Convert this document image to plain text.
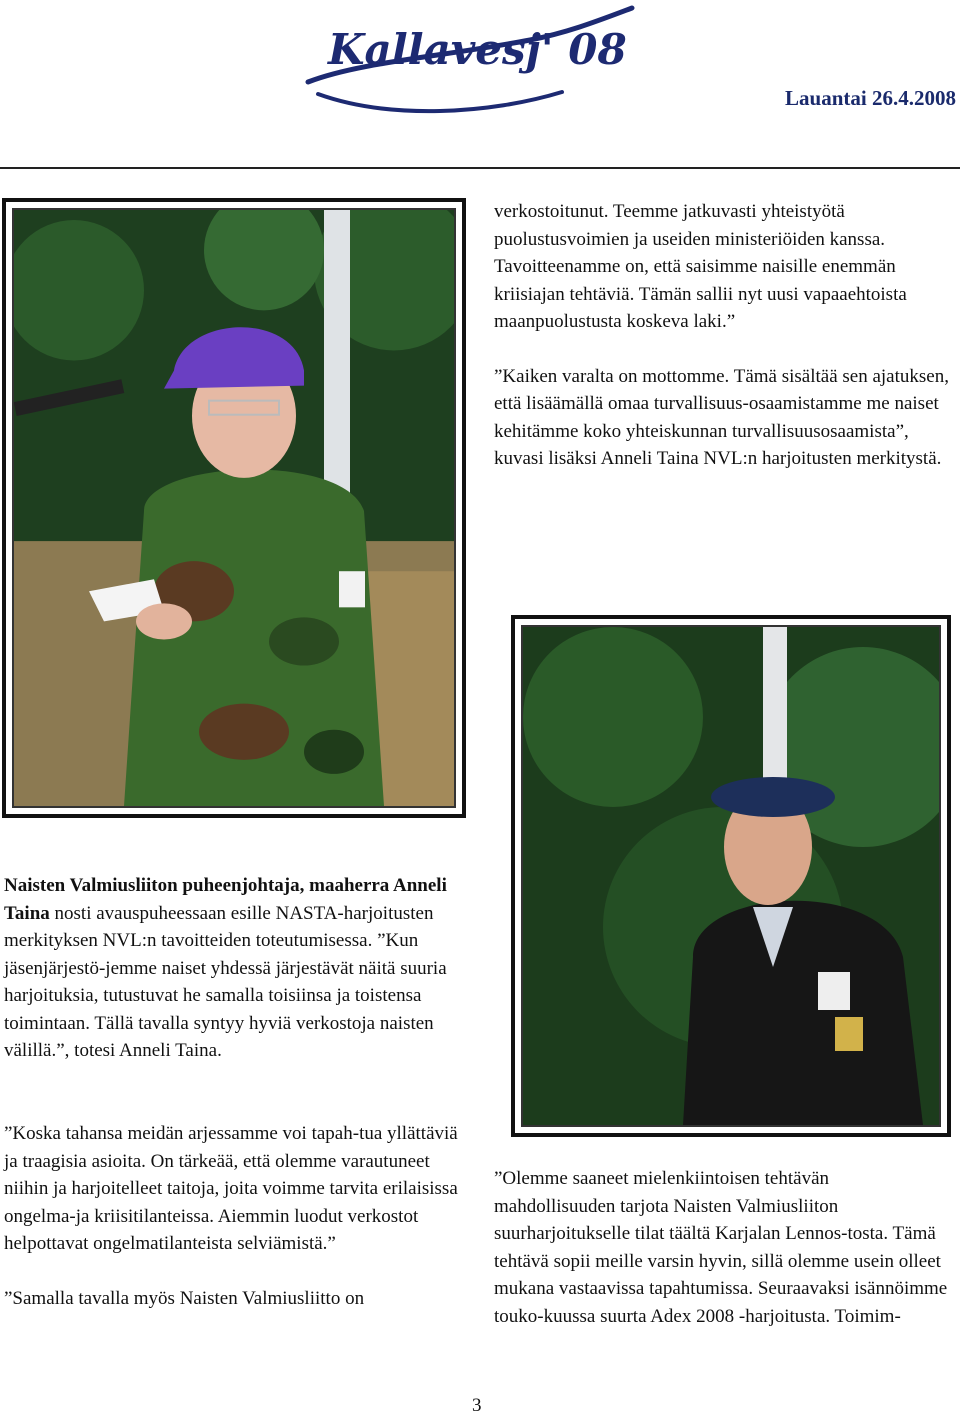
Kallavesj' 08
Lauantai 26.4.2008

verkostoitunut. Teemme jatkuvasti yhteistyötä puolustusvoimien ja useiden ministeriöiden kanssa. Tavoitteenamme on, että saisimme naisille enemmän kriisiajan tehtäviä. Tämän sallii nyt uusi vapaaehtoista maanpuolustusta koskeva laki.”

”Kaiken varalta on mottomme. Tämä sisältää sen ajatuksen, että lisäämällä omaa turvallisuus-osaamistamme me naiset kehitämme koko yhteiskunnan turvallisuusosaamista”, kuvasi lisäksi Anneli Taina NVL:n harjoitusten merkitystä.

Naisten Valmiusliiton puheenjohtaja, maaherra Anneli Taina nosti avauspuheessaan esille NASTA-harjoitusten merkityksen NVL:n tavoitteiden toteutumisessa. ”Kun jäsenjärjestö-jemme naiset yhdessä järjestävät näitä suuria harjoituksia, tutustuvat he samalla toisiinsa ja toistensa toimintaan. Tällä tavalla syntyy hyviä verkostoja naisten välillä.”, totesi Anneli Taina.

”Koska tahansa meidän arjessamme voi tapah-tua yllättäviä ja traagisia asioita. On tärkeää, että olemme varautuneet niihin ja harjoitelleet taitoja, joita voimme tarvita erilaisissa ongelma-ja kriisitilanteissa. Aiemmin luodut verkostot helpottavat ongelmatilanteista selviämistä.”

”Samalla tavalla myös Naisten Valmiusliitto on

”Olemme saaneet mielenkiintoisen tehtävän mahdollisuuden tarjota Naisten Valmiusliiton suurharjoitukselle tilat täältä Karjalan Lennos-tosta. Tämä tehtävä sopii meille varsin hyvin, sillä olemme usein olleet mukana vastaavissa tapahtumissa. Seuraavaksi isännöimme touko-kuussa suurta Adex 2008 -harjoitusta. Toimim-

3
